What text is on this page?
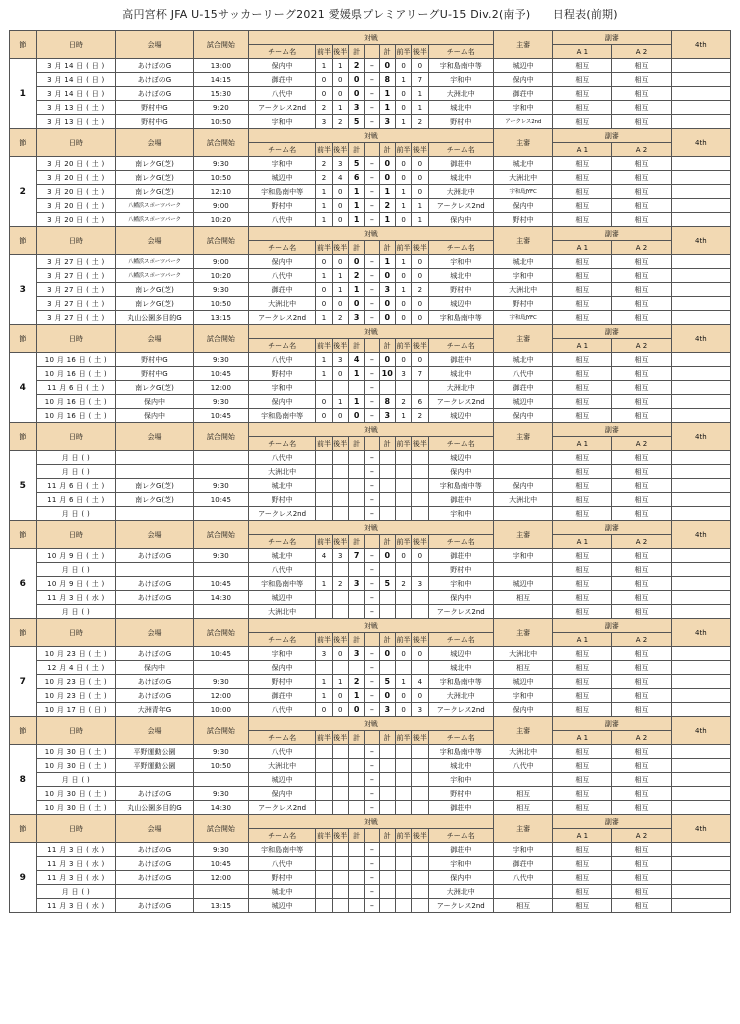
高円宮杯 JFA U-15サッカーリーグ2021 愛媛県プレミアリーグU-15 Div.2(南予)　　日程表(前期)
節	日時	会場	試合開始	対戦									主審	副審		4th
				チーム名	前半	後半	計		計	前半	後半	チーム名		A 1	A 2	
1	3 月 14 日 ( 日 )	あけぼのG	13:00	保内中	1	1	2	–	0	0	0	宇和島南中等	城辺中	相互	相互	
	3 月 14 日 ( 日 )	あけぼのG	14:15	御荘中	0	0	0	–	8	1	7	宇和中	保内中	相互	相互	
	3 月 14 日 ( 日 )	あけぼのG	15:30	八代中	0	0	0	–	1	0	1	大洲北中	御荘中	相互	相互	
	3 月 13 日 ( 土 )	野村中G	9:20	アークレス2nd	2	1	3	–	1	0	1	城北中	宇和中	相互	相互	
	3 月 13 日 ( 土 )	野村中G	10:50	宇和中	3	2	5	–	3	1	2	野村中	アークレス2nd	相互	相互	
節	日時	会場	試合開始	対戦									主審	副審		4th
				チーム名	前半	後半	計		計	前半	後半	チーム名		A 1	A 2	
2	3 月 20 日 ( 土 )	南レクG(芝)	9:30	宇和中	2	3	5	–	0	0	0	御荘中	城北中	相互	相互	
	3 月 20 日 ( 土 )	南レクG(芝)	10:50	城辺中	2	4	6	–	0	0	0	城北中	大洲北中	相互	相互	
	3 月 20 日 ( 土 )	南レクG(芝)	12:10	宇和島南中等	1	0	1	–	1	1	0	大洲北中	宇和島JYFC	相互	相互	
	3 月 20 日 ( 土 )	八幡浜スポーツパーク	9:00	野村中	1	0	1	–	2	1	1	アークレス2nd	保内中	相互	相互	
	3 月 20 日 ( 土 )	八幡浜スポーツパーク	10:20	八代中	1	0	1	–	1	0	1	保内中	野村中	相互	相互	
節	日時	会場	試合開始	対戦									主審	副審		4th
				チーム名	前半	後半	計		計	前半	後半	チーム名		A 1	A 2	
3	3 月 27 日 ( 土 )	八幡浜スポーツパーク	9:00	保内中	0	0	0	–	1	1	0	宇和中	城北中	相互	相互	
	3 月 27 日 ( 土 )	八幡浜スポーツパーク	10:20	八代中	1	1	2	–	0	0	0	城北中	宇和中	相互	相互	
	3 月 27 日 ( 土 )	南レクG(芝)	9:30	御荘中	0	1	1	–	3	1	2	野村中	大洲北中	相互	相互	
	3 月 27 日 ( 土 )	南レクG(芝)	10:50	大洲北中	0	0	0	–	0	0	0	城辺中	野村中	相互	相互	
	3 月 27 日 ( 土 )	丸山公園多目的G	13:15	アークレス2nd	1	2	3	–	0	0	0	宇和島南中等	宇和島JYFC	相互	相互	
節	日時	会場	試合開始	対戦									主審	副審		4th
				チーム名	前半	後半	計		計	前半	後半	チーム名		A 1	A 2	
4	10 月 16 日 ( 土 )	野村中G	9:30	八代中	1	3	4	–	0	0	0	御荘中	城北中	相互	相互	
	10 月 16 日 ( 土 )	野村中G	10:45	野村中	1	0	1	–	10	3	7	城北中	八代中	相互	相互	
	11 月 6 日 ( 土 )	南レクG(芝)	12:00	宇和中				–				大洲北中	御荘中	相互	相互	
	10 月 16 日 ( 土 )	保内中	9:30	保内中	0	1	1	–	8	2	6	アークレス2nd	城辺中	相互	相互	
	10 月 16 日 ( 土 )	保内中	10:45	宇和島南中等	0	0	0	–	3	1	2	城辺中	保内中	相互	相互	
節	日時	会場	試合開始	対戦									主審	副審		4th
				チーム名	前半	後半	計		計	前半	後半	チーム名		A 1	A 2	
5	月 日 ( )			八代中				–				城辺中		相互	相互	
	月 日 ( )			大洲北中				–				保内中		相互	相互	
	11 月 6 日 ( 土 )	南レクG(芝)	9:30	城北中				–				宇和島南中等	保内中	相互	相互	
	11 月 6 日 ( 土 )	南レクG(芝)	10:45	野村中				–				御荘中	大洲北中	相互	相互	
	月 日 ( )			アークレス2nd				–				宇和中		相互	相互	
節	日時	会場	試合開始	対戦									主審	副審		4th
				チーム名	前半	後半	計		計	前半	後半	チーム名		A 1	A 2	
6	10 月 9 日 ( 土 )	あけぼのG	9:30	城北中	4	3	7	–	0	0	0	御荘中	宇和中	相互	相互	
	月 日 ( )			八代中				–				野村中		相互	相互	
	10 月 9 日 ( 土 )	あけぼのG	10:45	宇和島南中等	1	2	3	–	5	2	3	宇和中	城辺中	相互	相互	
	11 月 3 日 ( 水 )	あけぼのG	14:30	城辺中				–				保内中	相互	相互	相互	
	月 日 ( )			大洲北中				–				アークレス2nd		相互	相互	
節	日時	会場	試合開始	対戦									主審	副審		4th
				チーム名	前半	後半	計		計	前半	後半	チーム名		A 1	A 2	
7	10 月 23 日 ( 土 )	あけぼのG	10:45	宇和中	3	0	3	–	0	0	0	城辺中	大洲北中	相互	相互	
	12 月 4 日 ( 土 )	保内中		保内中				–				城北中	相互	相互	相互	
	10 月 23 日 ( 土 )	あけぼのG	9:30	野村中	1	1	2	–	5	1	4	宇和島南中等	城辺中	相互	相互	
	10 月 23 日 ( 土 )	あけぼのG	12:00	御荘中	1	0	1	–	0	0	0	大洲北中	宇和中	相互	相互	
	10 月 17 日 ( 日 )	大洲青年G	10:00	八代中	0	0	0	–	3	0	3	アークレス2nd	保内中	相互	相互	
節	日時	会場	試合開始	対戦									主審	副審		4th
				チーム名	前半	後半	計		計	前半	後半	チーム名		A 1	A 2	
8	10 月 30 日 ( 土 )	平野運動公園	9:30	八代中				–				宇和島南中等	大洲北中	相互	相互	
	10 月 30 日 ( 土 )	平野運動公園	10:50	大洲北中				–				城北中	八代中	相互	相互	
	月 日 ( )			城辺中				–				宇和中		相互	相互	
	10 月 30 日 ( 土 )	あけぼのG	9:30	保内中				–				野村中	相互	相互	相互	
	10 月 30 日 ( 土 )	丸山公園多目的G	14:30	アークレス2nd				–				御荘中	相互	相互	相互	
節	日時	会場	試合開始	対戦									主審	副審		4th
				チーム名	前半	後半	計		計	前半	後半	チーム名		A 1	A 2	
9	11 月 3 日 ( 水 )	あけぼのG	9:30	宇和島南中等				–				御荘中	宇和中	相互	相互	
	11 月 3 日 ( 水 )	あけぼのG	10:45	八代中				–				宇和中	御荘中	相互	相互	
	11 月 3 日 ( 水 )	あけぼのG	12:00	野村中				–				保内中	八代中	相互	相互	
	月 日 ( )			城北中				–				大洲北中		相互	相互	
	11 月 3 日 ( 水 )	あけぼのG	13:15	城辺中				–				アークレス2nd	相互	相互	相互	
